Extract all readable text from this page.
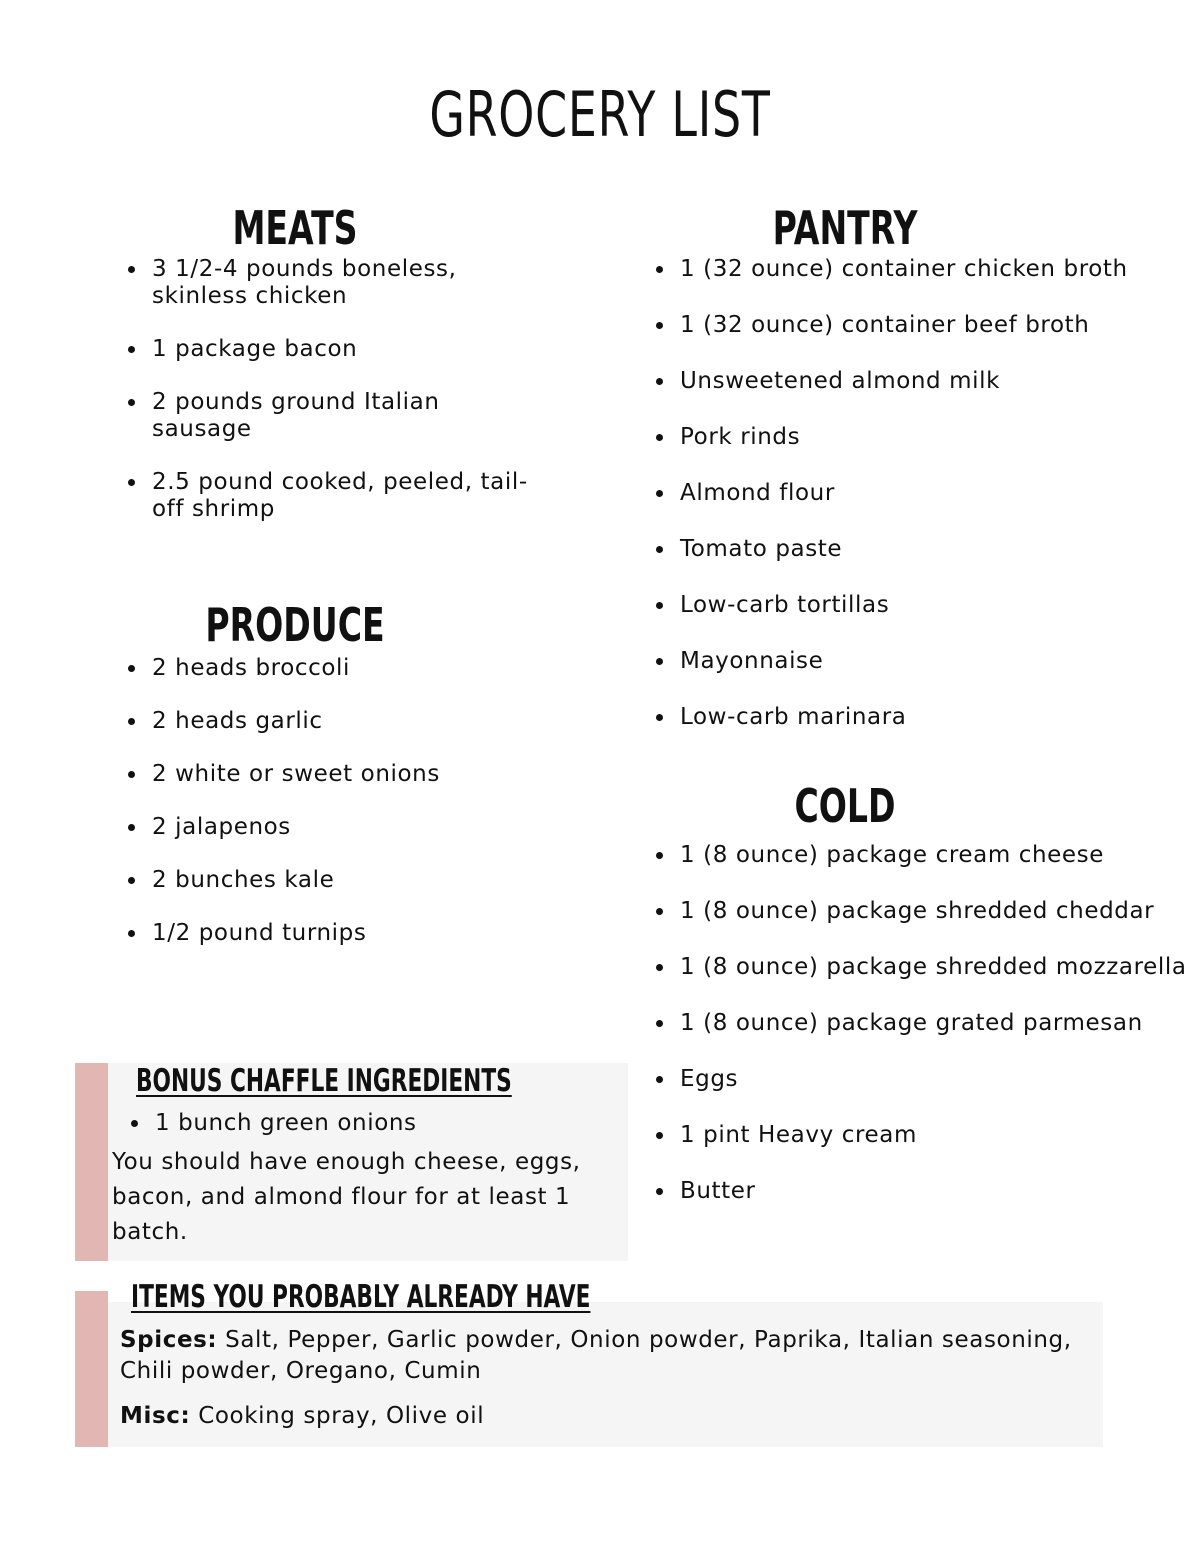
GROCERY LIST
MEATS
3 1/2-4 pounds boneless, skinless chicken
1 package bacon
2 pounds ground Italian sausage
2.5 pound cooked, peeled, tail-off shrimp
PRODUCE
2 heads broccoli
2 heads garlic
2 white or sweet onions
2 jalapenos
2 bunches kale
1/2 pound turnips
PANTRY
1 (32 ounce) container chicken broth
1 (32 ounce) container beef broth
Unsweetened almond milk
Pork rinds
Almond flour
Tomato paste
Low-carb tortillas
Mayonnaise
Low-carb marinara
COLD
1 (8 ounce) package cream cheese
1 (8 ounce) package shredded cheddar
1 (8 ounce) package shredded mozzarella
1 (8 ounce) package grated parmesan
Eggs
1 pint Heavy cream
Butter
BONUS CHAFFLE INGREDIENTS
1 bunch green onions

You should have enough cheese, eggs, bacon, and almond flour for at least 1 batch.

ITEMS YOU PROBABLY ALREADY HAVE

Spices: Salt, Pepper, Garlic powder, Onion powder, Paprika, Italian seasoning, Chili powder, Oregano, Cumin

Misc: Cooking spray, Olive oil
